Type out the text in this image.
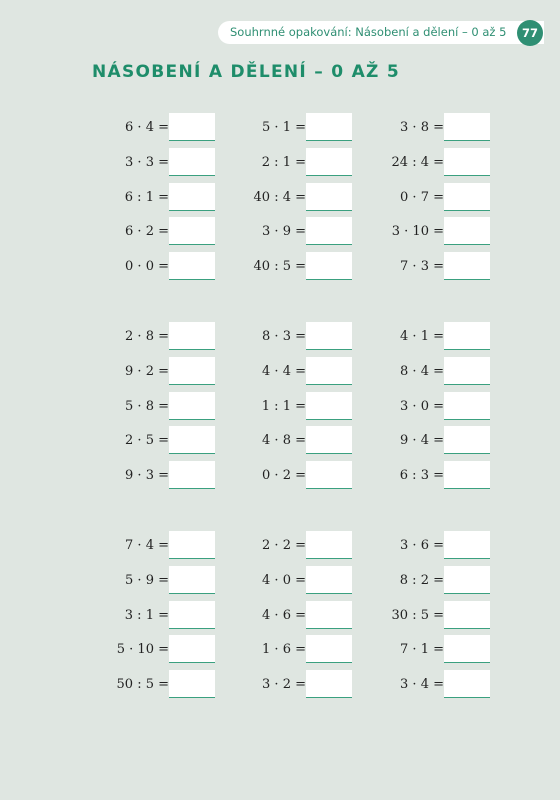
Souhrnné opakování: Násobení a dělení – 0 až 5	77
NÁSOBENÍ A DĚLENÍ – 0 AŽ 5
6 · 4 =
3 · 3 =
6 : 1 =
6 · 2 =
0 · 0 =
5 · 1 =
2 : 1 =
40 : 4 =
3 · 9 =
40 : 5 =
3 · 8 =
24 : 4 =
0 · 7 =
3 · 10 =
7 · 3 =
2 · 8 =
9 · 2 =
5 · 8 =
2 · 5 =
9 · 3 =
8 · 3 =
4 · 4 =
1 : 1 =
4 · 8 =
0 · 2 =
4 · 1 =
8 · 4 =
3 · 0 =
9 · 4 =
6 : 3 =
7 · 4 =
5 · 9 =
3 : 1 =
5 · 10 =
50 : 5 =
2 · 2 =
4 · 0 =
4 · 6 =
1 · 6 =
3 · 2 =
3 · 6 =
8 : 2 =
30 : 5 =
7 · 1 =
3 · 4 =
